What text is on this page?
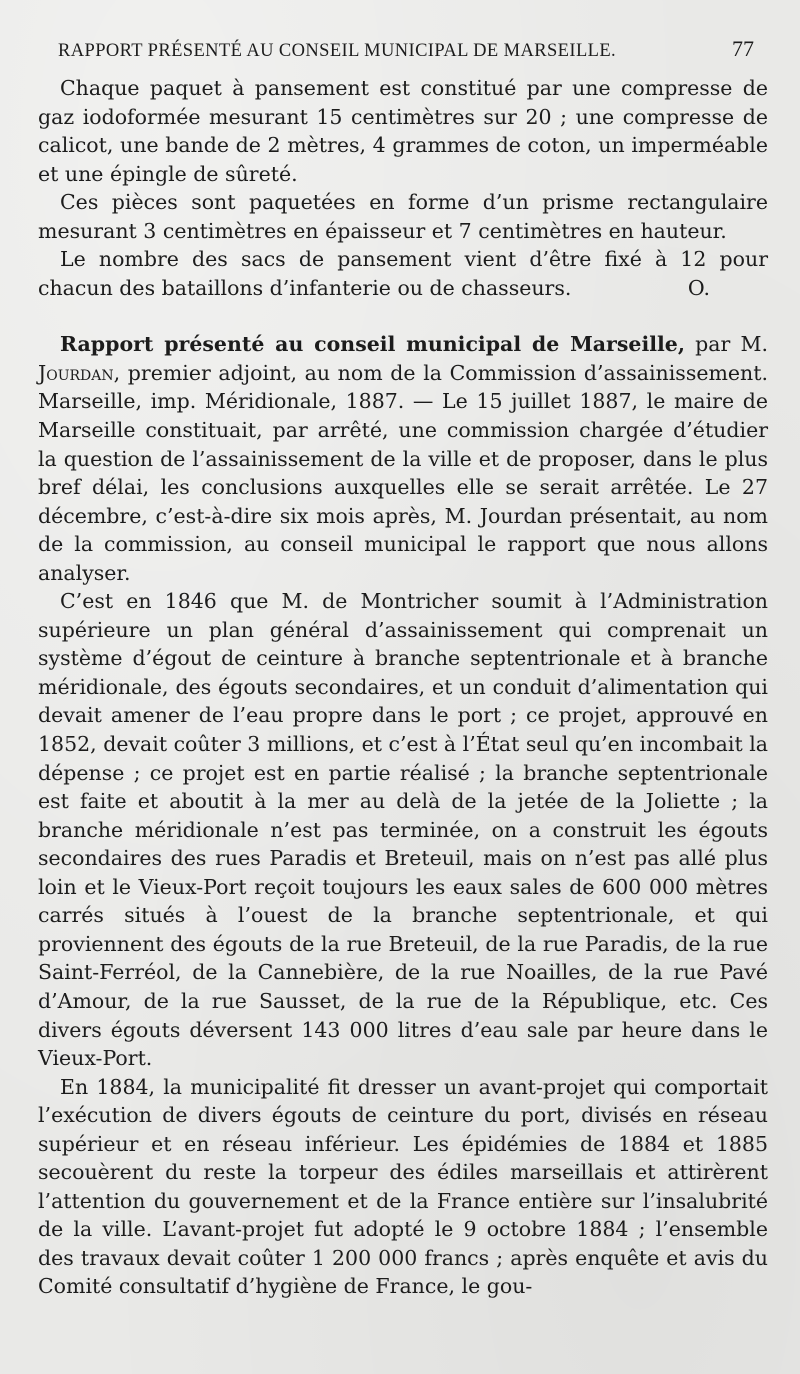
RAPPORT PRÉSENTÉ AU CONSEIL MUNICIPAL DE MARSEILLE.	77

Chaque paquet à pansement est constitué par une compresse de gaz iodoformée mesurant 15 centimètres sur 20 ; une compresse de calicot, une bande de 2 mètres, 4 grammes de coton, un imperméable et une épingle de sûreté.

Ces pièces sont paquetées en forme d’un prisme rectangulaire mesurant 3 centimètres en épaisseur et 7 centimètres en hauteur.

Le nombre des sacs de pansement vient d’être fixé à 12 pour chacun des bataillons d’infanterie ou de chasseurs.	O.

Rapport présenté au conseil municipal de Marseille, par M. Jourdan, premier adjoint, au nom de la Commission d’assainissement. Marseille, imp. Méridionale, 1887. — Le 15 juillet 1887, le maire de Marseille constituait, par arrêté, une commission chargée d’étudier la question de l’assainissement de la ville et de proposer, dans le plus bref délai, les conclusions auxquelles elle se serait arrêtée. Le 27 décembre, c’est-à-dire six mois après, M. Jourdan présentait, au nom de la commission, au conseil municipal le rapport que nous allons analyser.

C’est en 1846 que M. de Montricher soumit à l’Administration supérieure un plan général d’assainissement qui comprenait un système d’égout de ceinture à branche septentrionale et à branche méridionale, des égouts secondaires, et un conduit d’alimentation qui devait amener de l’eau propre dans le port ; ce projet, approuvé en 1852, devait coûter 3 millions, et c’est à l’État seul qu’en incombait la dépense ; ce projet est en partie réalisé ; la branche septentrionale est faite et aboutit à la mer au delà de la jetée de la Joliette ; la branche méridionale n’est pas terminée, on a construit les égouts secondaires des rues Paradis et Breteuil, mais on n’est pas allé plus loin et le Vieux-Port reçoit toujours les eaux sales de 600 000 mètres carrés situés à l’ouest de la branche septentrionale, et qui proviennent des égouts de la rue Breteuil, de la rue Paradis, de la rue Saint-Ferréol, de la Cannebière, de la rue Noailles, de la rue Pavé d’Amour, de la rue Sausset, de la rue de la République, etc. Ces divers égouts déversent 143 000 litres d’eau sale par heure dans le Vieux-Port.

En 1884, la municipalité fit dresser un avant-projet qui comportait l’exécution de divers égouts de ceinture du port, divisés en réseau supérieur et en réseau inférieur. Les épidémies de 1884 et 1885 secouèrent du reste la torpeur des édiles marseillais et attirèrent l’attention du gouvernement et de la France entière sur l’insalubrité de la ville. L’avant-projet fut adopté le 9 octobre 1884 ; l’ensemble des travaux devait coûter 1 200 000 francs ; après enquête et avis du Comité consultatif d’hygiène de France, le gou-
